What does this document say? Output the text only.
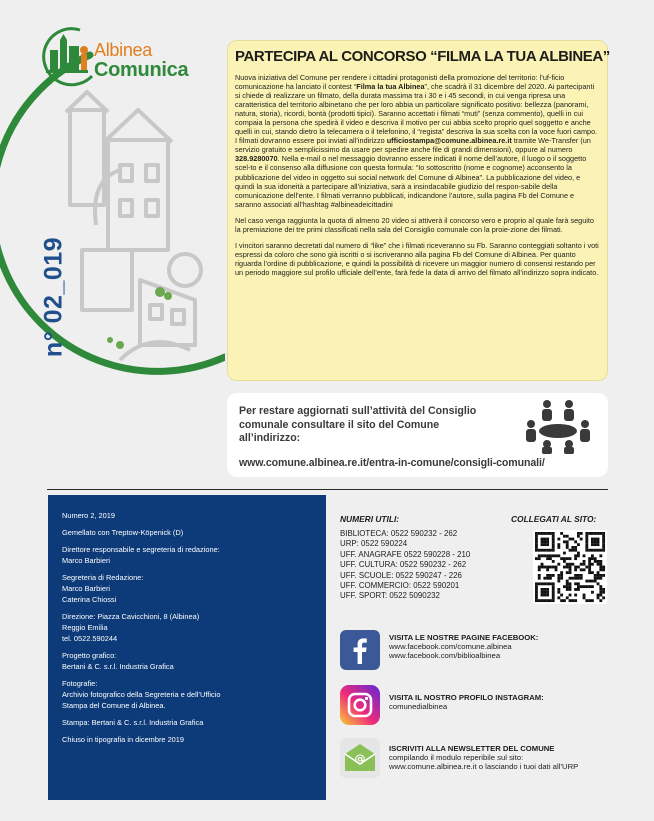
Albinea
Comunica
n° 02_019
PARTECIPA AL CONCORSO “FILMA LA TUA ALBINEA”

Nuova iniziativa del Comune per rendere i cittadini protagonisti della promozione del territorio: l’uf-ficio comunicazione ha lanciato il contest “Filma la tua Albinea”, che scadrà il 31 dicembre del 2020. Ai partecipanti si chiede di realizzare un filmato, della durata massima tra i 30 e i 45 secondi, in cui venga ripresa una caratteristica del territorio albinetano che per loro abbia un particolare significato positivo: bellezza (panorami, natura, storia), ricordi, bontà (prodotti tipici). Saranno accettati i filmati “muti” (senza commento), quelli in cui compaia la persona che spedirà il video e descriva il motivo per cui abbia scelto proprio quel soggetto e anche quelli in cui, stando dietro la telecamera o il telefonino, il “regista” descriva la sua scelta con la voce fuori campo. I filmati dovranno essere poi inviati all’indirizzo ufficiostampa@comune.albinea.re.it tramite We-Transfer (un servizio gratuito e semplicissimo da usare per spedire anche file di grandi dimensioni), oppure al numero 328.9280070. Nella e-mail o nel messaggio dovranno essere indicati il nome dell’autore, il luogo o il soggetto scel-to e il consenso alla diffusione con questa formula: “Io sottoscritto (nome e cognome) acconsento la pubblicazione del video in oggetto sui social network del Comune di Albinea”. La pubblicazione del video, e quindi la sua idoneità a partecipare all’iniziativa, sarà a insindacabile giudizio del respon-sabile della comunicazione dell’ente. I filmati verranno pubblicati, indicandone l’autore, sulla pagina Fb del Comune e saranno associati all’hashtag #albineadeicittadini

Nel caso venga raggiunta la quota di almeno 20 video si attiverà il concorso vero e proprio al quale farà seguito la premiazione dei tre primi classificati nella sala del Consiglio comunale con la proie-zione dei filmati.

I vincitori saranno decretati dal numero di “like” che i filmati riceveranno su Fb. Saranno conteggiati soltanto i voti espressi da coloro che sono già iscritti o si iscriveranno alla pagina Fb del Comune di Albinea. Per quanto riguarda l’ordine di pubblicazione, e quindi la possibilità di ricevere un maggior numero di consensi restando per un periodo maggiore sul profilo ufficiale dell’ente, farà fede la data di arrivo del filmato all’indirizzo sopra indicato.

Per restare aggiornati sull’attività del Consiglio comunale consultare il sito del Comune all’indirizzo:
www.comune.albinea.re.it/entra-in-comune/consigli-comunali/
Numero 2, 2019
Gemellato con Treptow-Köpenick (D)
Direttore responsabile e segreteria di redazione:
Marco Barbieri
Segreteria di Redazione:
Marco Barbieri
Caterina Chiossi
Direzione: Piazza Cavicchioni, 8 (Albinea)
Reggio Emilia
tel. 0522.590244
Progetto grafico:
Bertani & C. s.r.l. Industria Grafica
Fotografie:
Archivio fotografico della Segreteria e dell’Ufficio
Stampa del Comune di Albinea.
Stampa: Bertani & C. s.r.l. Industria Grafica
Chiuso in tipografia in dicembre 2019
NUMERI UTILI:
BIBLIOTECA: 0522 590232 - 262
URP: 0522 590224
UFF. ANAGRAFE 0522 590228 - 210
UFF. CULTURA: 0522 590232 - 262
UFF. SCUOLE: 0522 590247 - 226
UFF. COMMERCIO: 0522 590201
UFF. SPORT: 0522 5090232
COLLEGATI AL SITO:
VISITA LE NOSTRE PAGINE FACEBOOK:
www.facebook.com/comune.albinea
www.facebook.com/biblioalbinea
VISITA IL NOSTRO PROFILO INSTAGRAM:
comunedialbinea
@
ISCRIVITI ALLA NEWSLETTER DEL COMUNE
compilando il modulo reperibile sul sito:
www.comune.albinea.re.it o lasciando i tuoi dati all’URP
